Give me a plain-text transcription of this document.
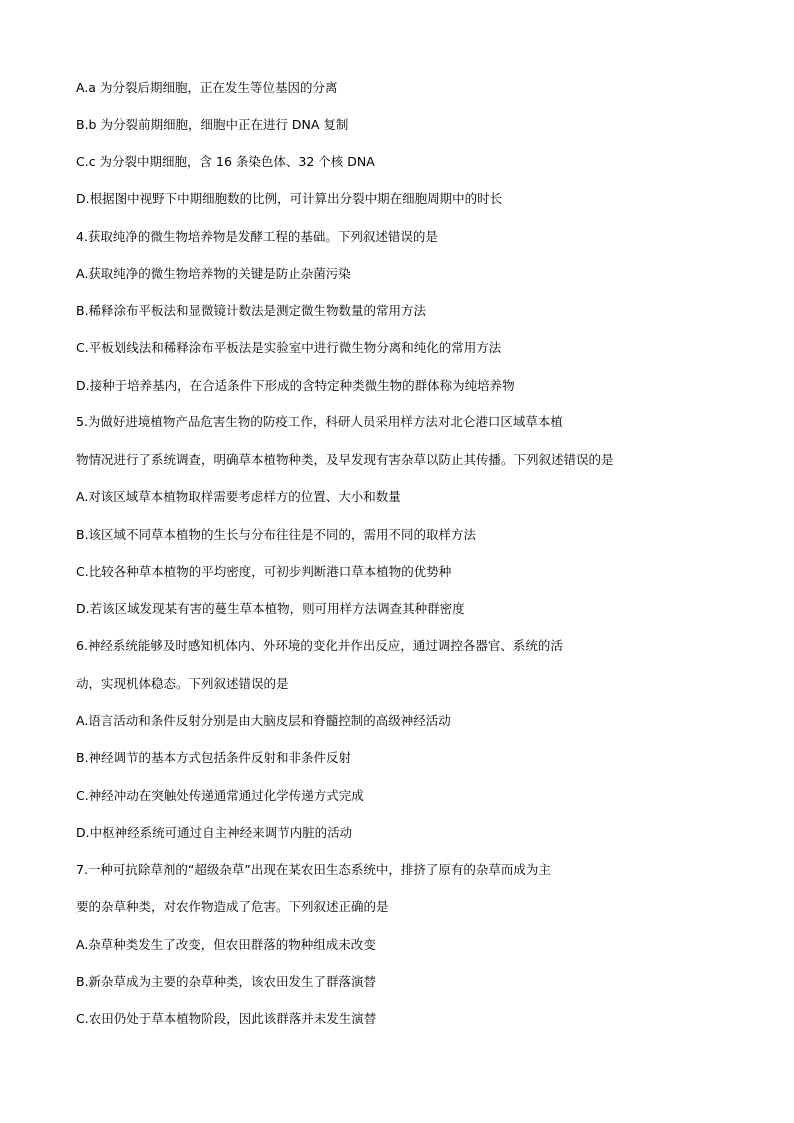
A.a 为分裂后期细胞，正在发生等位基因的分离
B.b 为分裂前期细胞，细胞中正在进行 DNA 复制
C.c 为分裂中期细胞，含 16 条染色体、32 个核 DNA
D.根据图中视野下中期细胞数的比例，可计算出分裂中期在细胞周期中的时长
4.获取纯净的微生物培养物是发酵工程的基础。下列叙述错误的是
A.获取纯净的微生物培养物的关键是防止杂菌污染
B.稀释涂布平板法和显微镜计数法是测定微生物数量的常用方法
C.平板划线法和稀释涂布平板法是实验室中进行微生物分离和纯化的常用方法
D.接种于培养基内，在合适条件下形成的含特定种类微生物的群体称为纯培养物
5.为做好进境植物产品危害生物的防疫工作，科研人员采用样方法对北仑港口区域草本植
物情况进行了系统调查，明确草本植物种类，及早发现有害杂草以防止其传播。下列叙述错误的是
A.对该区域草本植物取样需要考虑样方的位置、大小和数量
B.该区域不同草本植物的生长与分布往往是不同的，需用不同的取样方法
C.比较各种草本植物的平均密度，可初步判断港口草本植物的优势种
D.若该区域发现某有害的蔓生草本植物，则可用样方法调查其种群密度
6.神经系统能够及时感知机体内、外环境的变化并作出反应，通过调控各器官、系统的活
动，实现机体稳态。下列叙述错误的是
A.语言活动和条件反射分别是由大脑皮层和脊髓控制的高级神经活动
B.神经调节的基本方式包括条件反射和非条件反射
C.神经冲动在突触处传递通常通过化学传递方式完成
D.中枢神经系统可通过自主神经来调节内脏的活动
7.一种可抗除草剂的“超级杂草”出现在某农田生态系统中，排挤了原有的杂草而成为主
要的杂草种类，对农作物造成了危害。下列叙述正确的是
A.杂草种类发生了改变，但农田群落的物种组成未改变
B.新杂草成为主要的杂草种类，该农田发生了群落演替
C.农田仍处于草本植物阶段，因此该群落并未发生演替
